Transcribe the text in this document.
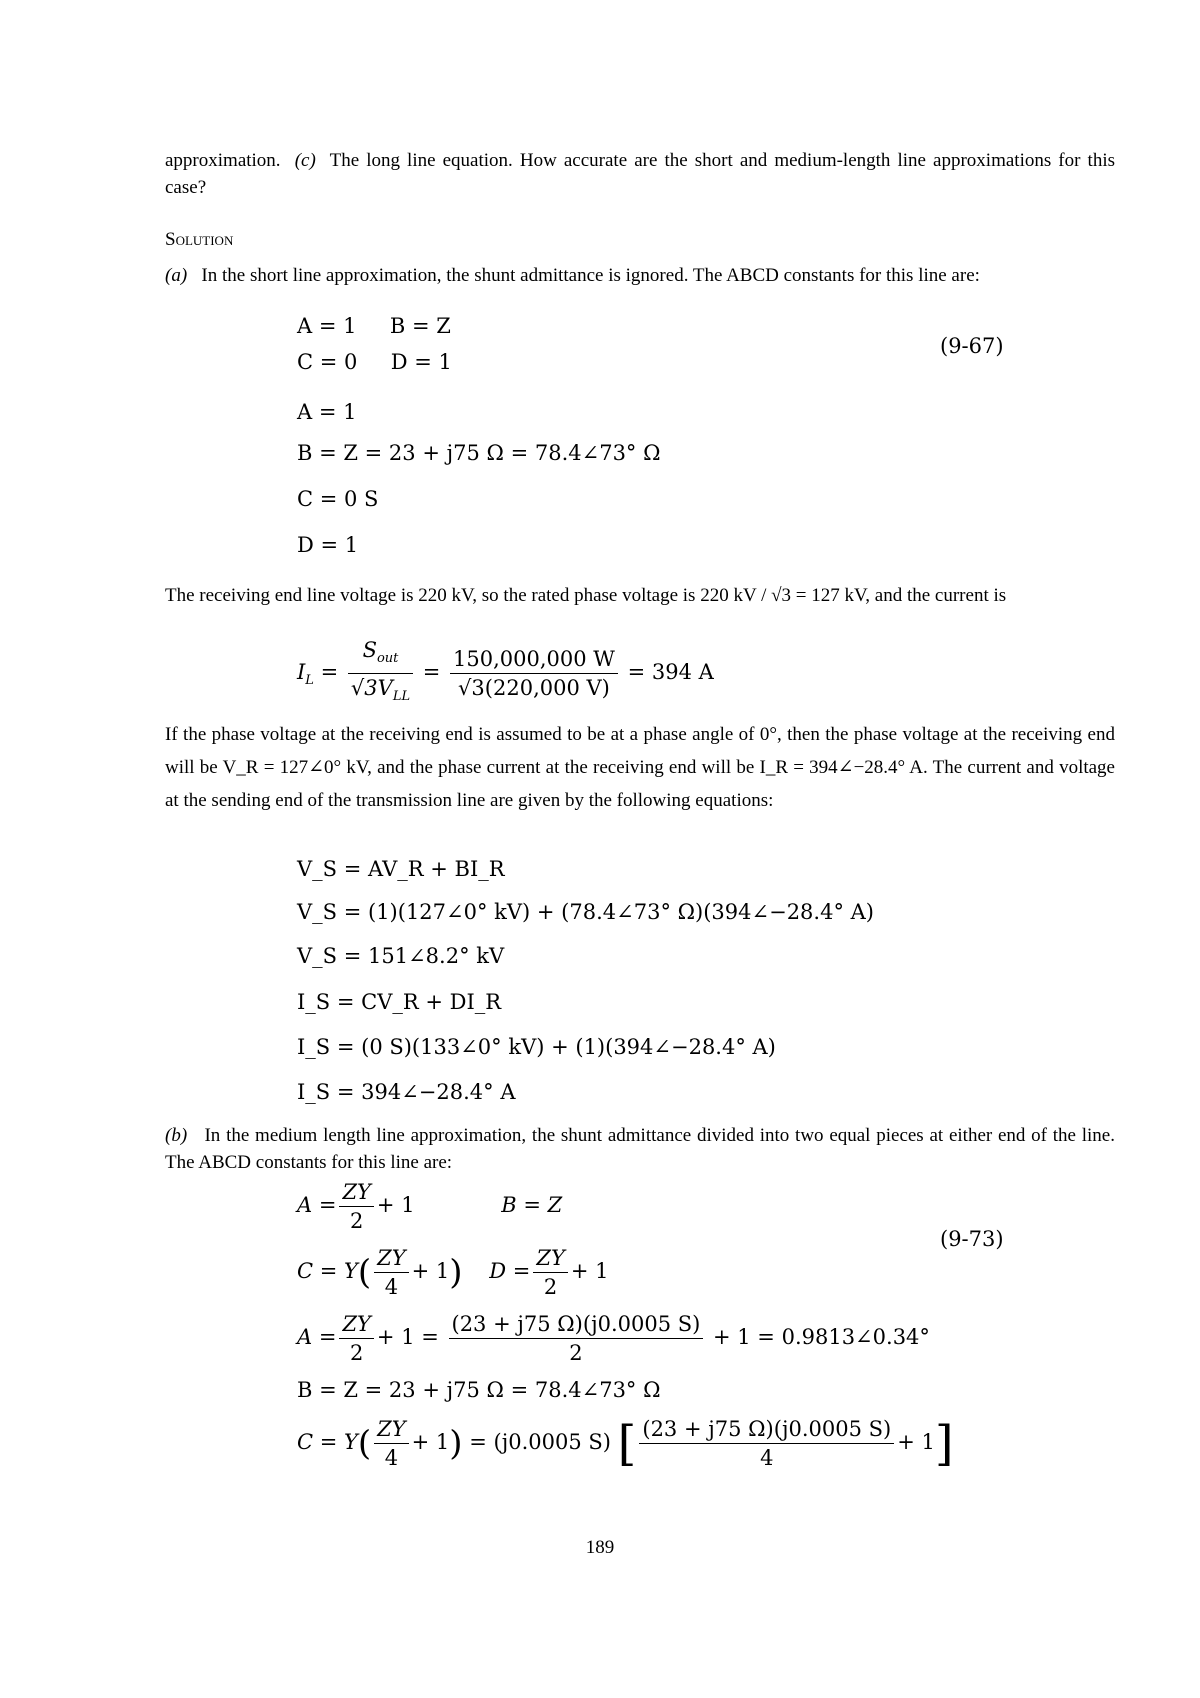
approximation. (c) The long line equation. How accurate are the short and medium-length line approximations for this case?
Solution
(a) In the short line approximation, the shunt admittance is ignored. The ABCD constants for this line are:
A = 1 B = Z
C = 0 D = 1
(9-67)
A = 1
B = Z = 23 + j75 Ω = 78.4∠73° Ω
C = 0 S
D = 1
The receiving end line voltage is 220 kV, so the rated phase voltage is 220 kV / √3 = 127 kV, and the current is
$I_L = \frac{S_{out}}{√3V_{LL}} = \frac{150,000,000 W}{√3(220,000 V)} = 394$ A
If the phase voltage at the receiving end is assumed to be at a phase angle of 0°, then the phase voltage at the receiving end will be V_R = 127∠0° kV, and the phase current at the receiving end will be I_R = 394∠−28.4° A. The current and voltage at the sending end of the transmission line are given by the following equations:
V_S = AV_R + BI_R
V_S = (1)(127∠0° kV) + (78.4∠73° Ω)(394∠−28.4° A)
V_S = 151∠8.2° kV
I_S = CV_R + DI_R
I_S = (0 S)(133∠0° kV) + (1)(394∠−28.4° A)
I_S = 394∠−28.4° A
(b) In the medium length line approximation, the shunt admittance divided into two equal pieces at either end of the line. The ABCD constants for this line are:
$A = \frac{ZY}{2} + 1$	B = Z
(9-73)
$C = Y( \frac{ZY}{4} + 1)$ $D = \frac{ZY}{2} + 1$
$A = \frac{ZY}{2} + 1 = \frac{(23 + j75 \Omega)(j0.0005 S)}{2} + 1$ = 0.9813∠0.34°
B = Z = 23 + j75 Ω = 78.4∠73° Ω
$C = Y( \frac{ZY}{4} + 1) = (j0.0005$ S) [ $\frac{(23 + j75 \Omega)(j0.0005 S)}{4} + 1$]
189
